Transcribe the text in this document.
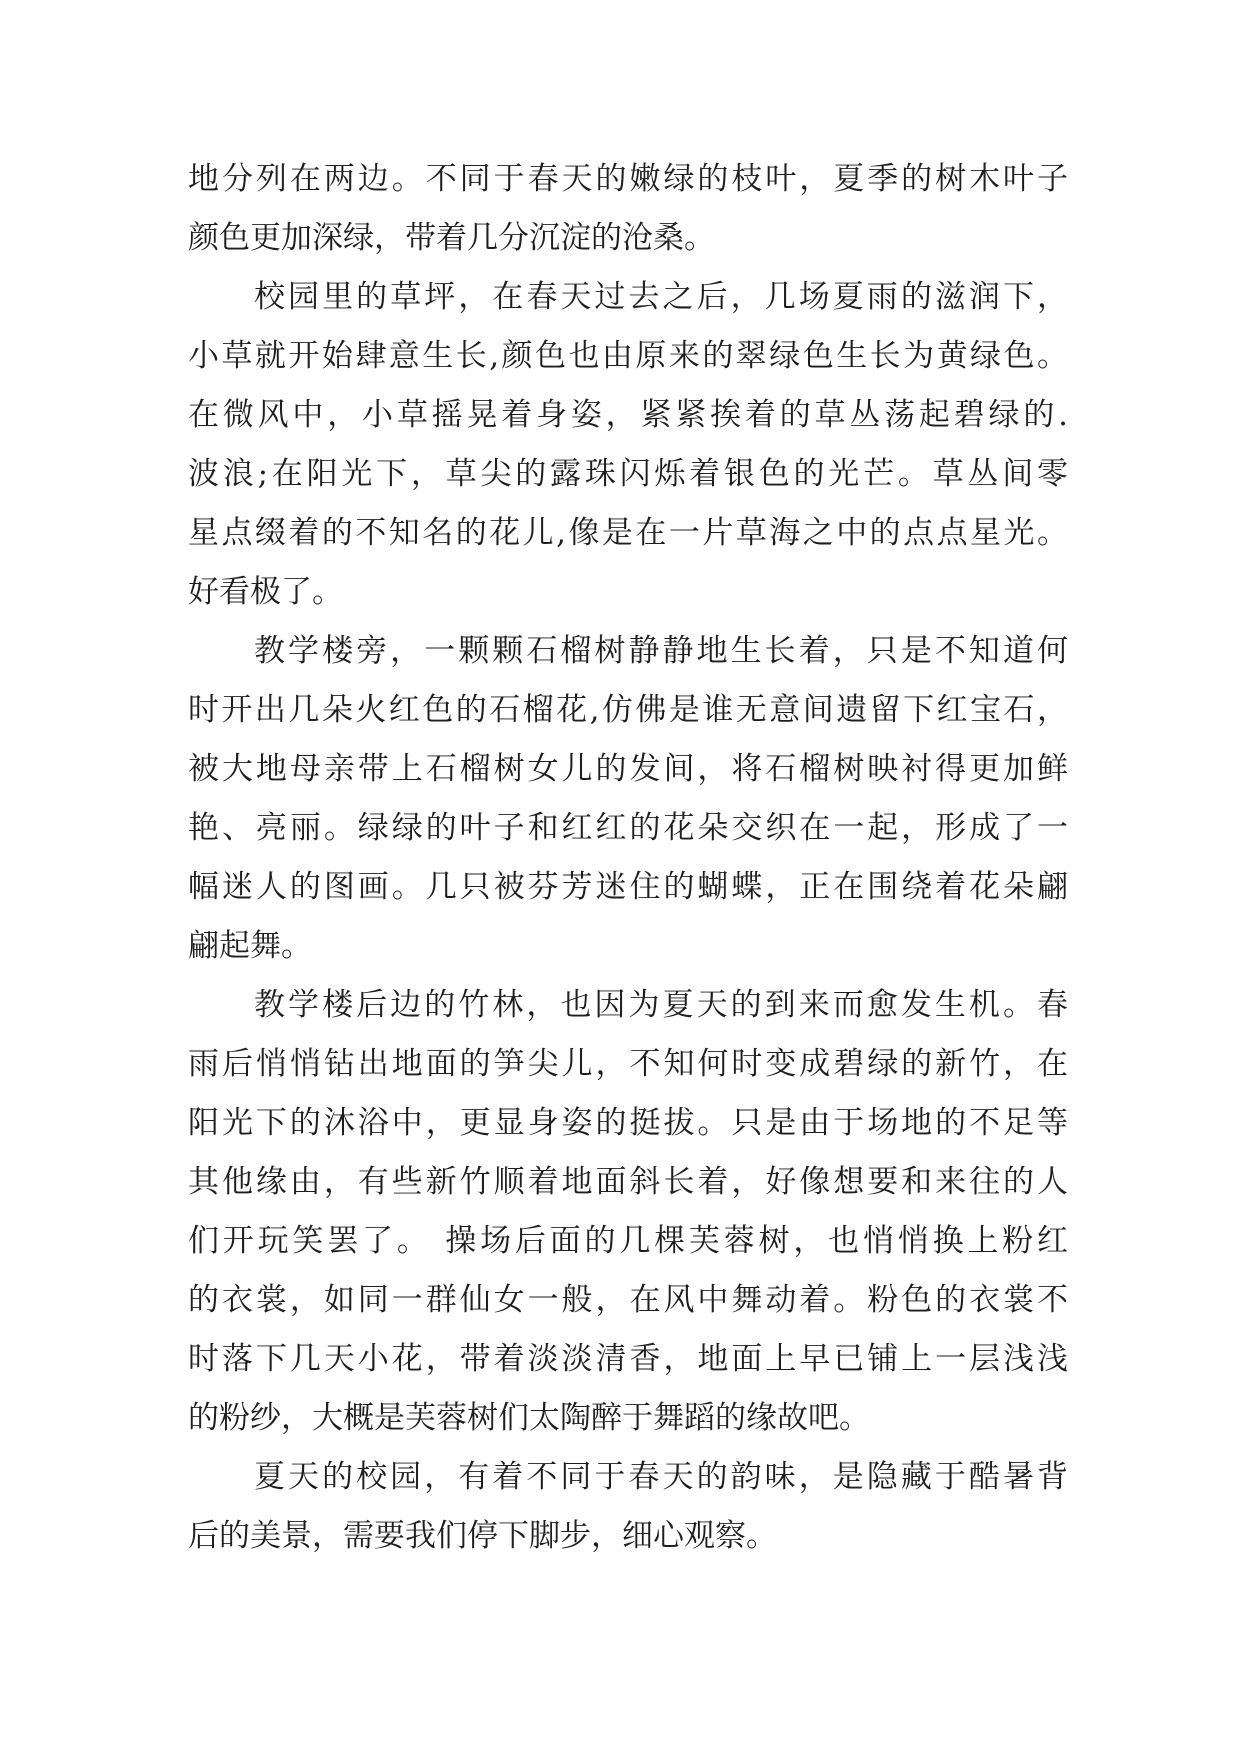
地分列在两边。不同于春天的嫩绿的枝叶，夏季的树木叶子
颜色更加深绿，带着几分沉淀的沧桑。
校园里的草坪，在春天过去之后，几场夏雨的滋润下，
小草就开始肆意生长,颜色也由原来的翠绿色生长为黄绿色。
在微风中，小草摇晃着身姿，紧紧挨着的草丛荡起碧绿的.
波浪;在阳光下，草尖的露珠闪烁着银色的光芒。草丛间零
星点缀着的不知名的花儿,像是在一片草海之中的点点星光。
好看极了。
教学楼旁，一颗颗石榴树静静地生长着，只是不知道何
时开出几朵火红色的石榴花,仿佛是谁无意间遗留下红宝石，
被大地母亲带上石榴树女儿的发间，将石榴树映衬得更加鲜
艳、亮丽。绿绿的叶子和红红的花朵交织在一起，形成了一
幅迷人的图画。几只被芬芳迷住的蝴蝶，正在围绕着花朵翩
翩起舞。
教学楼后边的竹林，也因为夏天的到来而愈发生机。春
雨后悄悄钻出地面的笋尖儿，不知何时变成碧绿的新竹，在
阳光下的沐浴中，更显身姿的挺拔。只是由于场地的不足等
其他缘由，有些新竹顺着地面斜长着，好像想要和来往的人
们开玩笑罢了。 操场后面的几棵芙蓉树，也悄悄换上粉红
的衣裳，如同一群仙女一般，在风中舞动着。粉色的衣裳不
时落下几天小花，带着淡淡清香，地面上早已铺上一层浅浅
的粉纱，大概是芙蓉树们太陶醉于舞蹈的缘故吧。
夏天的校园，有着不同于春天的韵味，是隐藏于酷暑背
后的美景，需要我们停下脚步，细心观察。
